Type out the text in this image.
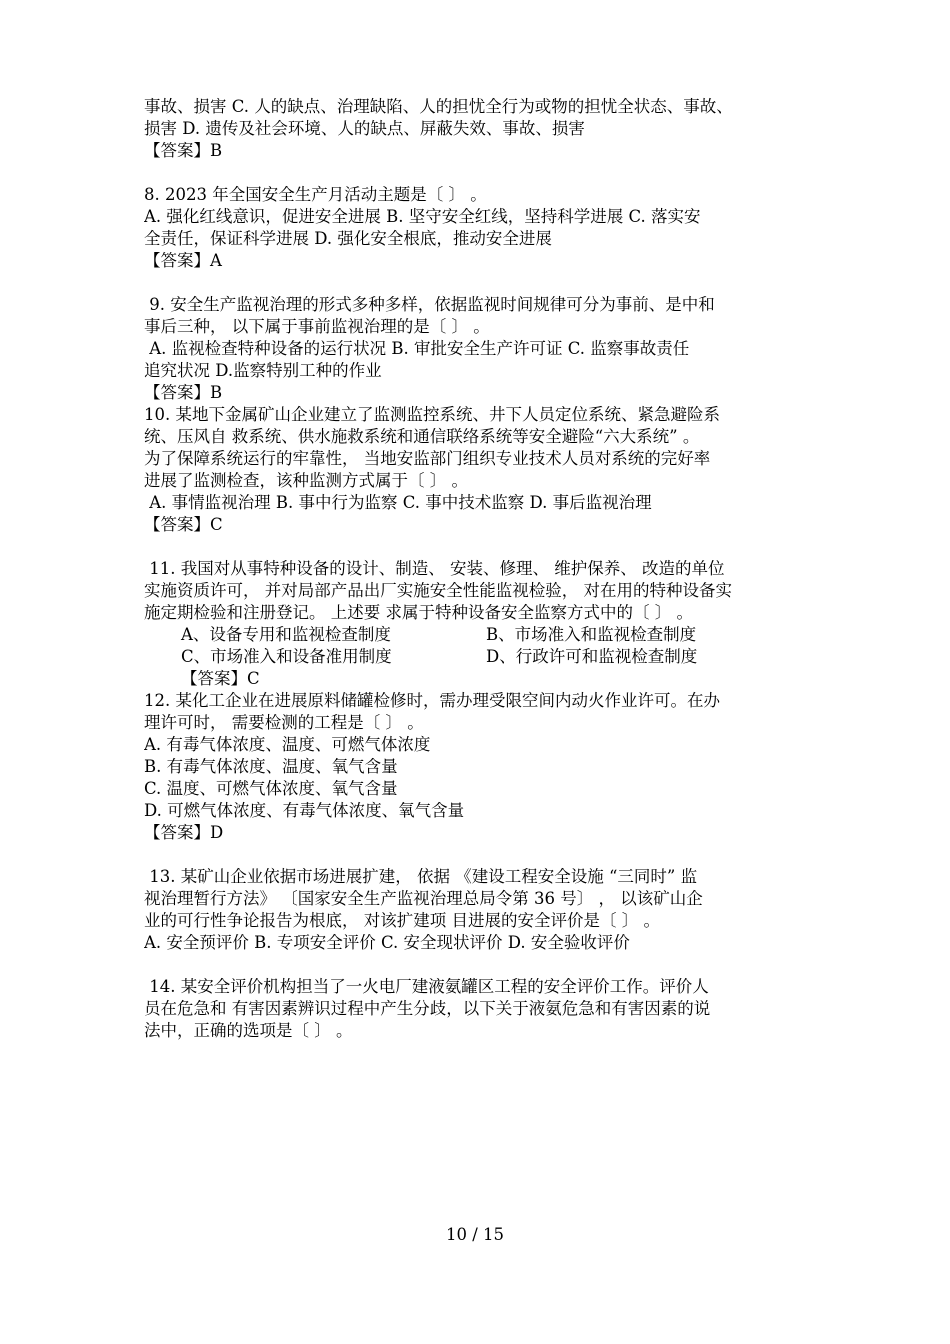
事故、损害 C. 人的缺点、治理缺陷、人的担忧全行为或物的担忧全状态、事故、
损害 D. 遗传及社会环境、人的缺点、屏蔽失效、事故、损害
【答案】B
8. 2023 年全国安全生产月活动主题是〔 〕 。
A. 强化红线意识，促进安全进展 B. 坚守安全红线，坚持科学进展 C. 落实安
全责任，保证科学进展 D. 强化安全根底，推动安全进展
【答案】A
9. 安全生产监视治理的形式多种多样，依据监视时间规律可分为事前、是中和
事后三种， 以下属于事前监视治理的是〔 〕 。
A. 监视检查特种设备的运行状况 B. 审批安全生产许可证 C. 监察事故责任
追究状况 D.监察特别工种的作业
【答案】B
10. 某地下金属矿山企业建立了监测监控系统、井下人员定位系统、紧急避险系
统、压风自 救系统、供水施救系统和通信联络系统等安全避险“六大系统” 。
为了保障系统运行的牢靠性， 当地安监部门组织专业技术人员对系统的完好率
进展了监测检查，该种监测方式属于〔 〕 。
A. 事情监视治理 B. 事中行为监察 C. 事中技术监察 D. 事后监视治理
【答案】C
11. 我国对从事特种设备的设计、制造、 安装、修理、 维护保养、 改造的单位
实施资质许可， 并对局部产品出厂实施安全性能监视检验， 对在用的特种设备实
施定期检验和注册登记。 上述要 求属于特种设备安全监察方式中的〔 〕 。
A、设备专用和监视检查制度	B、市场准入和监视检查制度
C、市场准入和设备准用制度	D、行政许可和监视检查制度
【答案】C
12. 某化工企业在进展原料储罐检修时，需办理受限空间内动火作业许可。在办
理许可时， 需要检测的工程是〔 〕 。
A. 有毒气体浓度、温度、可燃气体浓度
B. 有毒气体浓度、温度、氧气含量
C. 温度、可燃气体浓度、氧气含量
D. 可燃气体浓度、有毒气体浓度、氧气含量
【答案】D
13. 某矿山企业依据市场进展扩建， 依据 《建设工程安全设施 “三同时” 监
视治理暂行方法》 〔国家安全生产监视治理总局令第 36 号〕 ， 以该矿山企
业的可行性争论报告为根底， 对该扩建项 目进展的安全评价是〔 〕 。
A. 安全预评价 B. 专项安全评价 C. 安全现状评价 D. 安全验收评价
14. 某安全评价机构担当了一火电厂建液氨罐区工程的安全评价工作。评价人
员在危急和 有害因素辨识过程中产生分歧，以下关于液氨危急和有害因素的说
法中，正确的选项是〔 〕 。
10 / 15
